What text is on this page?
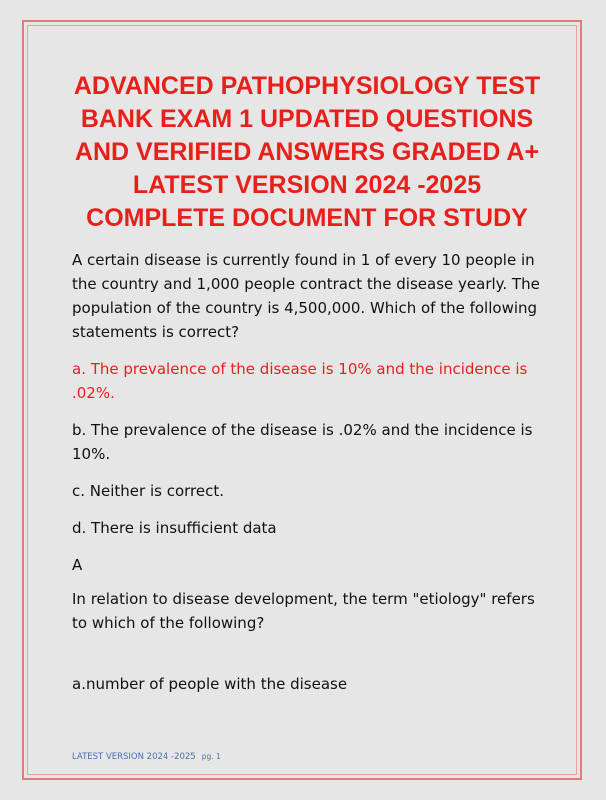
ADVANCED PATHOPHYSIOLOGY TEST BANK EXAM 1 UPDATED QUESTIONS AND VERIFIED ANSWERS GRADED A+ LATEST VERSION 2024 -2025 COMPLETE DOCUMENT FOR STUDY

A certain disease is currently found in 1 of every 10 people in the country and 1,000 people contract the disease yearly. The population of the country is 4,500,000. Which of the following statements is correct?

a. The prevalence of the disease is 10% and the incidence is .02%.

b. The prevalence of the disease is .02% and the incidence is 10%.

c. Neither is correct.

d. There is insufficient data

A

In relation to disease development, the term "etiology" refers to which of the following?

a.number of people with the disease

LATEST VERSION 2024 -2025 pg. 1
